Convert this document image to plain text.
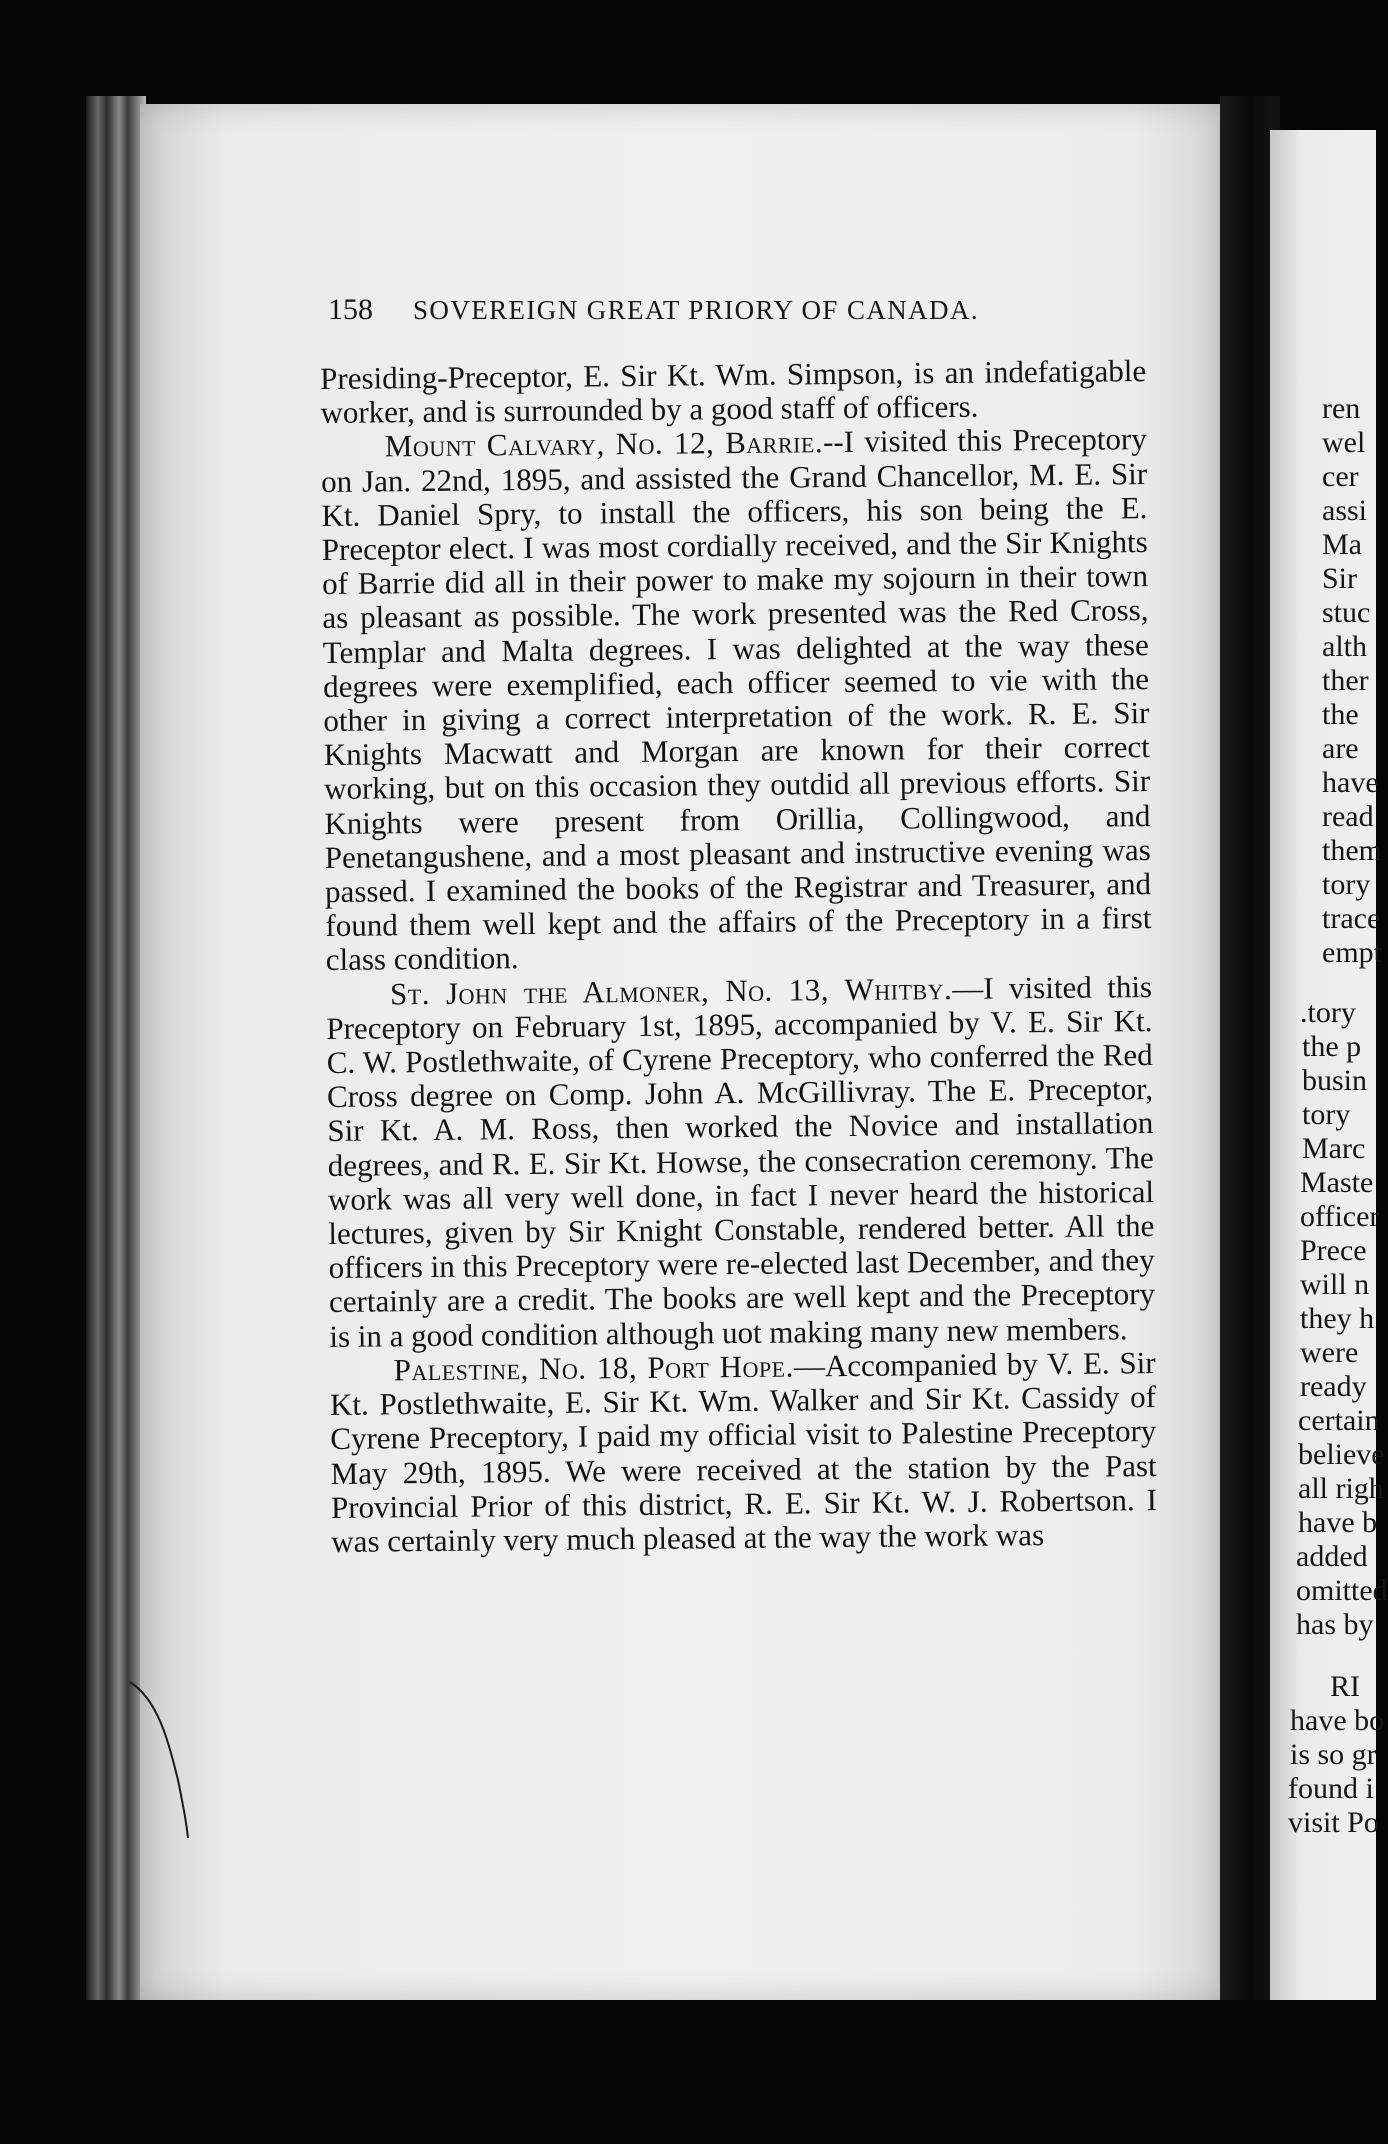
158 SOVEREIGN GREAT PRIORY OF CANADA.

Presiding-Preceptor, E. Sir Kt. Wm. Simpson, is an indefatigable worker, and is surrounded by a good staff of officers.

Mount Calvary, No. 12, Barrie.--I visited this Preceptory on Jan. 22nd, 1895, and assisted the Grand Chancellor, M. E. Sir Kt. Daniel Spry, to install the officers, his son being the E. Preceptor elect. I was most cordially received, and the Sir Knights of Barrie did all in their power to make my sojourn in their town as pleasant as possible. The work presented was the Red Cross, Templar and Malta degrees. I was delighted at the way these degrees were exemplified, each officer seemed to vie with the other in giving a correct interpretation of the work. R. E. Sir Knights Macwatt and Morgan are known for their correct working, but on this occasion they outdid all previous efforts. Sir Knights were present from Orillia, Collingwood, and Penetangushene, and a most pleasant and instructive evening was passed. I examined the books of the Registrar and Treasurer, and found them well kept and the affairs of the Preceptory in a first class condition.

St. John the Almoner, No. 13, Whitby.—I visited this Preceptory on February 1st, 1895, accompanied by V. E. Sir Kt. C. W. Postlethwaite, of Cyrene Preceptory, who conferred the Red Cross degree on Comp. John A. McGillivray. The E. Preceptor, Sir Kt. A. M. Ross, then worked the Novice and installation degrees, and R. E. Sir Kt. Howse, the consecration ceremony. The work was all very well done, in fact I never heard the historical lectures, given by Sir Knight Constable, rendered better. All the officers in this Preceptory were re-elected last December, and they certainly are a credit. The books are well kept and the Preceptory is in a good condition although uot making many new members.

Palestine, No. 18, Port Hope.—Accompanied by V. E. Sir Kt. Postlethwaite, E. Sir Kt. Wm. Walker and Sir Kt. Cassidy of Cyrene Preceptory, I paid my official visit to Palestine Preceptory May 29th, 1895. We were received at the station by the Past Provincial Prior of this district, R. E. Sir Kt. W. J. Robertson. I was certainly very much pleased at the way the work was

ren
wel
cer
assi
Ma
Sir
stuc
alth
ther
the
are
have
read
them
tory
trace
empt
.tory
the p
busin
tory
Marc
Maste
officer
Prece
will n
they h
were
ready
certain
believe
all righ
have b
added
omitted
has by
RI
have bo
is so gr
found i
visit Po
